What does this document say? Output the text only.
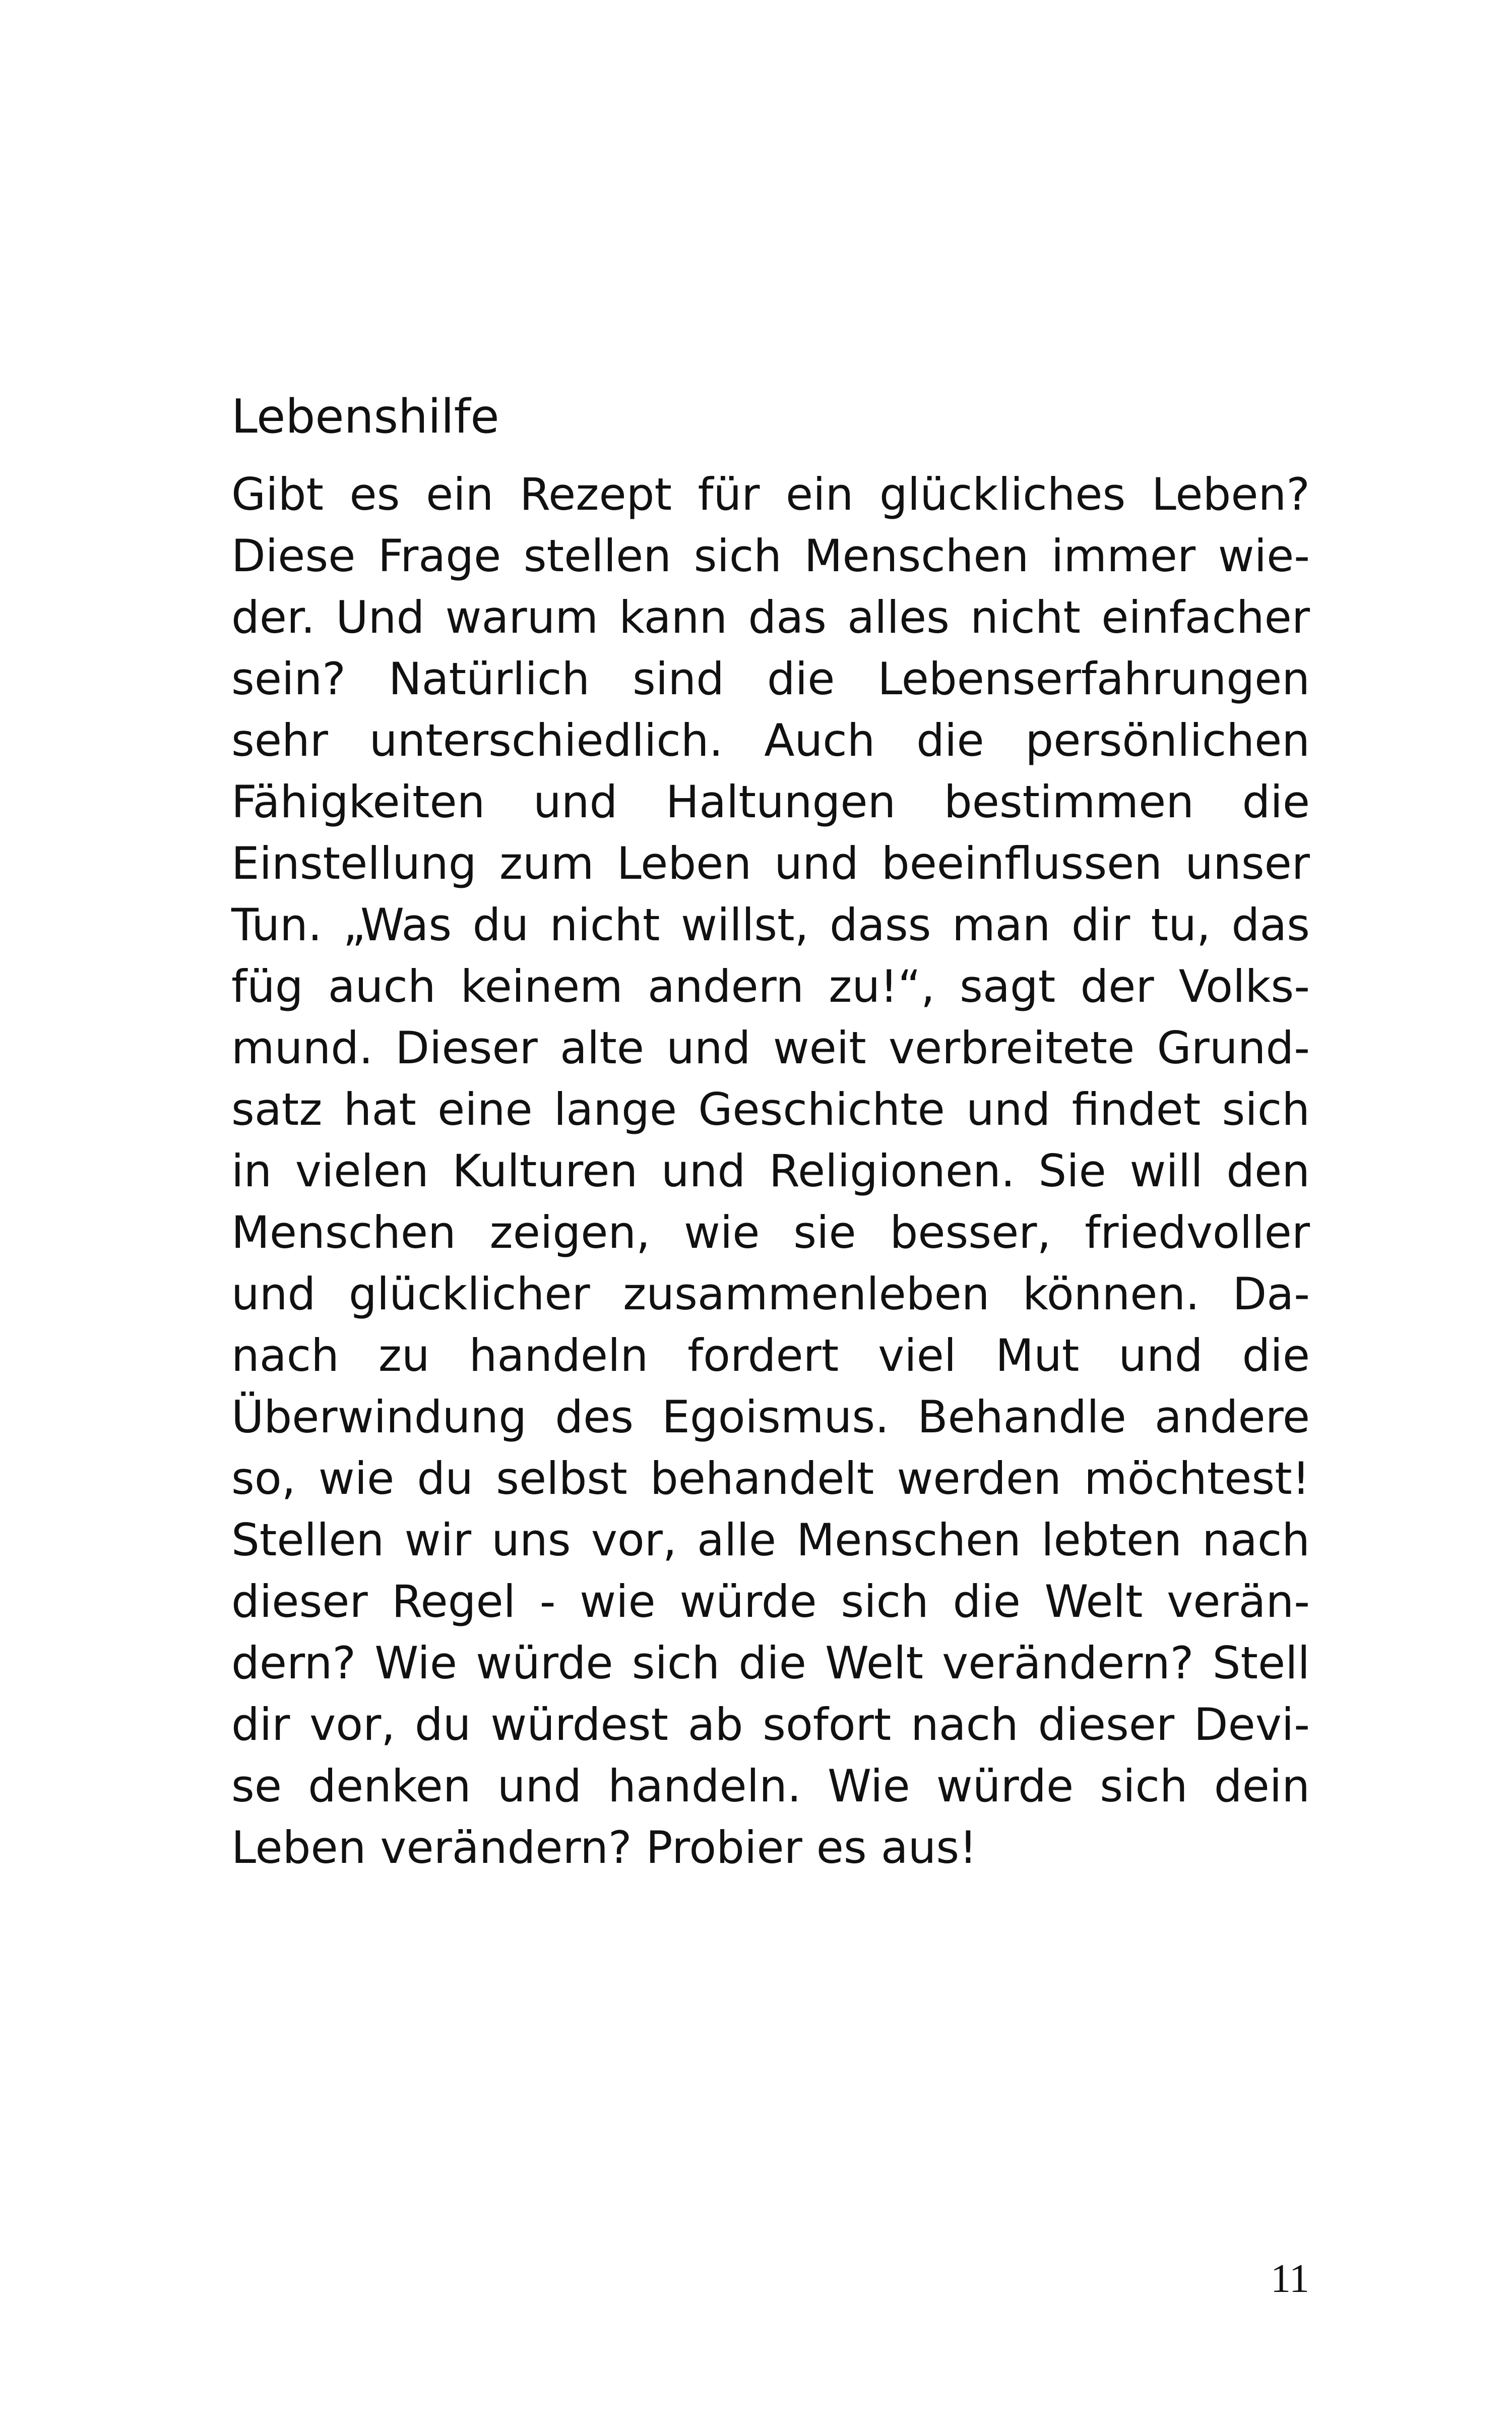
Lebenshilfe
Gibt es ein Rezept für ein glückliches Leben?
Diese Frage stellen sich Menschen immer wie-
der. Und warum kann das alles nicht einfacher
sein? Natürlich sind die Lebenserfahrungen
sehr unterschiedlich. Auch die persönlichen
Fähigkeiten und Haltungen bestimmen die
Einstellung zum Leben und beeinflussen unser
Tun. „Was du nicht willst, dass man dir tu, das
füg auch keinem andern zu!“, sagt der Volks-
mund. Dieser alte und weit verbreitete Grund-
satz hat eine lange Geschichte und findet sich
in vielen Kulturen und Religionen. Sie will den
Menschen zeigen, wie sie besser, friedvoller
und glücklicher zusammenleben können. Da-
nach zu handeln fordert viel Mut und die
Überwindung des Egoismus. Behandle andere
so, wie du selbst behandelt werden möchtest!
Stellen wir uns vor, alle Menschen lebten nach
dieser Regel - wie würde sich die Welt verän-
dern? Wie würde sich die Welt verändern? Stell
dir vor, du würdest ab sofort nach dieser Devi-
se denken und handeln. Wie würde sich dein
Leben verändern? Probier es aus!
11
